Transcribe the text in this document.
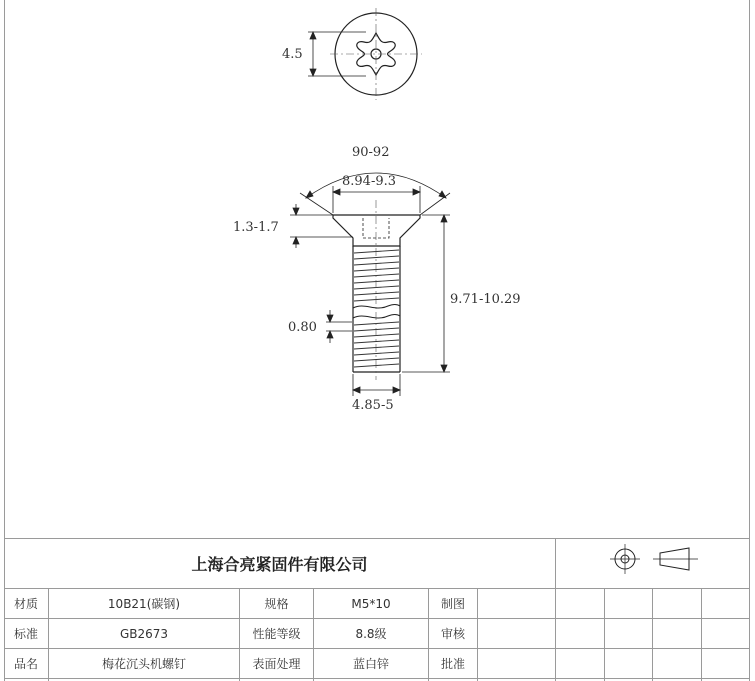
4.5
90-92
8.94-9.3
1.3-1.7
0.80
9.71-10.29
4.85-5
上海合亮紧固件有限公司
材质	10B21(碳钢)	规格	M5*10	制图
标准	GB2673	性能等级	8.8级	审核
品名	梅花沉头机螺钉	表面处理	蓝白锌	批准
